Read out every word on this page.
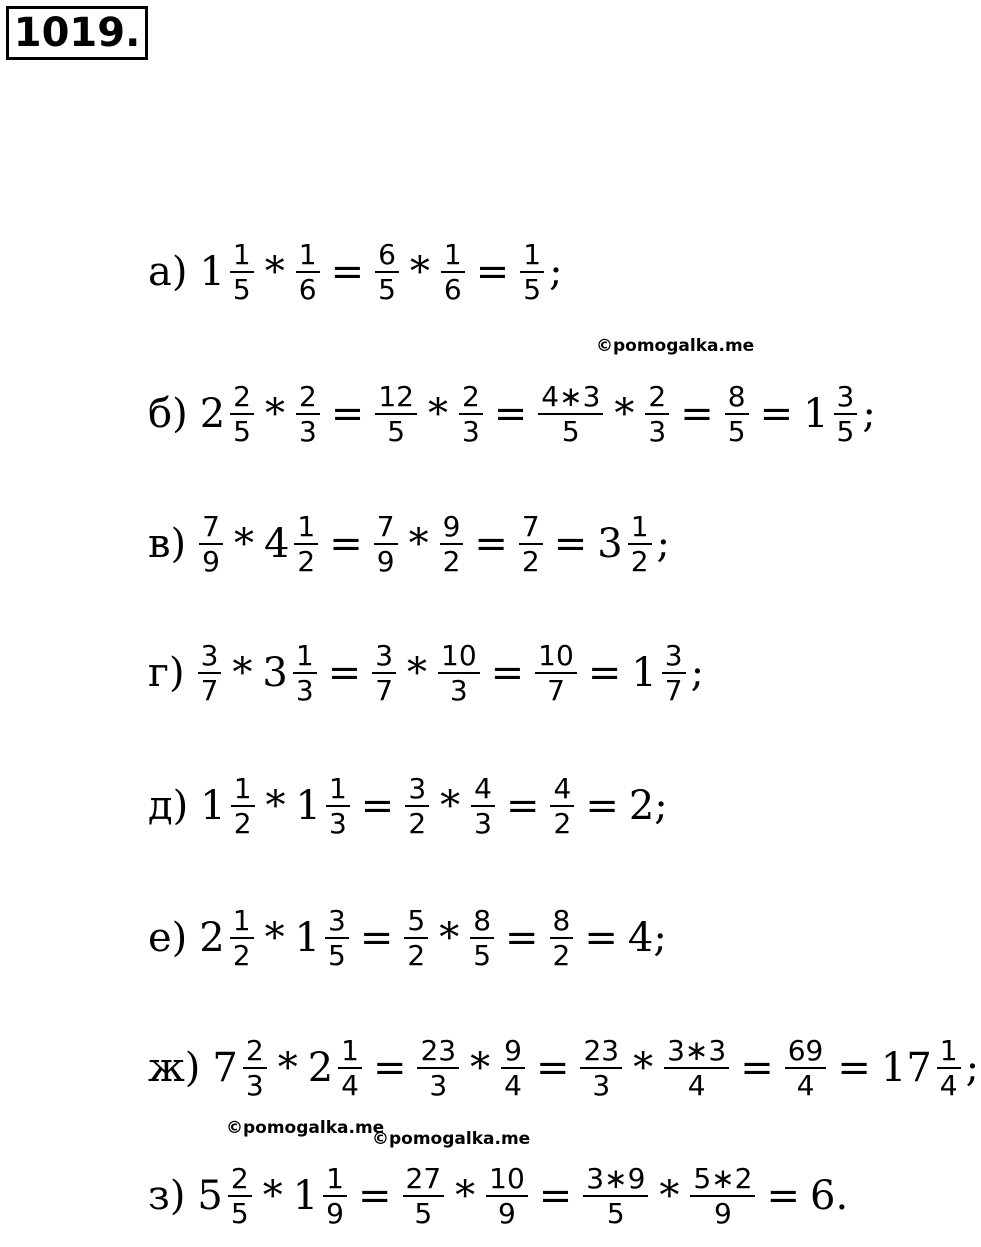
1019.
а) $1 \frac{1}{5} * \frac{1}{6} = \frac{6}{5} * \frac{1}{6} = \frac{1}{5}$ ;
б) $2 \frac{2}{5} * \frac{2}{3} = \frac{12}{5} * \frac{2}{3} = \frac{4∗3}{5} * \frac{2}{3} = \frac{8}{5} = 1 \frac{3}{5}$ ;
$в) \frac{7}{9} * 4 \frac{1}{2} = \frac{7}{9} * \frac{9}{2} = \frac{7}{2} = 3 \frac{1}{2}$ ;
$г) \frac{3}{7} * 3 \frac{1}{3} = \frac{3}{7} * \frac{10}{3} = \frac{10}{7} = 1 \frac{3}{7}$ ;
д) $1 \frac{1}{2} * 1 \frac{1}{3} = \frac{3}{2} * \frac{4}{3} = \frac{4}{2} = 2$;
е) $2 \frac{1}{2} * 1 \frac{3}{5} = \frac{5}{2} * \frac{8}{5} = \frac{8}{2} = 4$;
ж) $7 \frac{2}{3} * 2 \frac{1}{4} = \frac{23}{3} * \frac{9}{4} = \frac{23}{3} * \frac{3∗3}{4} = \frac{69}{4} = 17 \frac{1}{4}$ ;
з) $5 \frac{2}{5} * 1 \frac{1}{9} = \frac{27}{5} * \frac{10}{9} = \frac{3∗9}{5} * \frac{5∗2}{9} = 6$.
©pomogalka.me
©pomogalka.me
©pomogalka.me
